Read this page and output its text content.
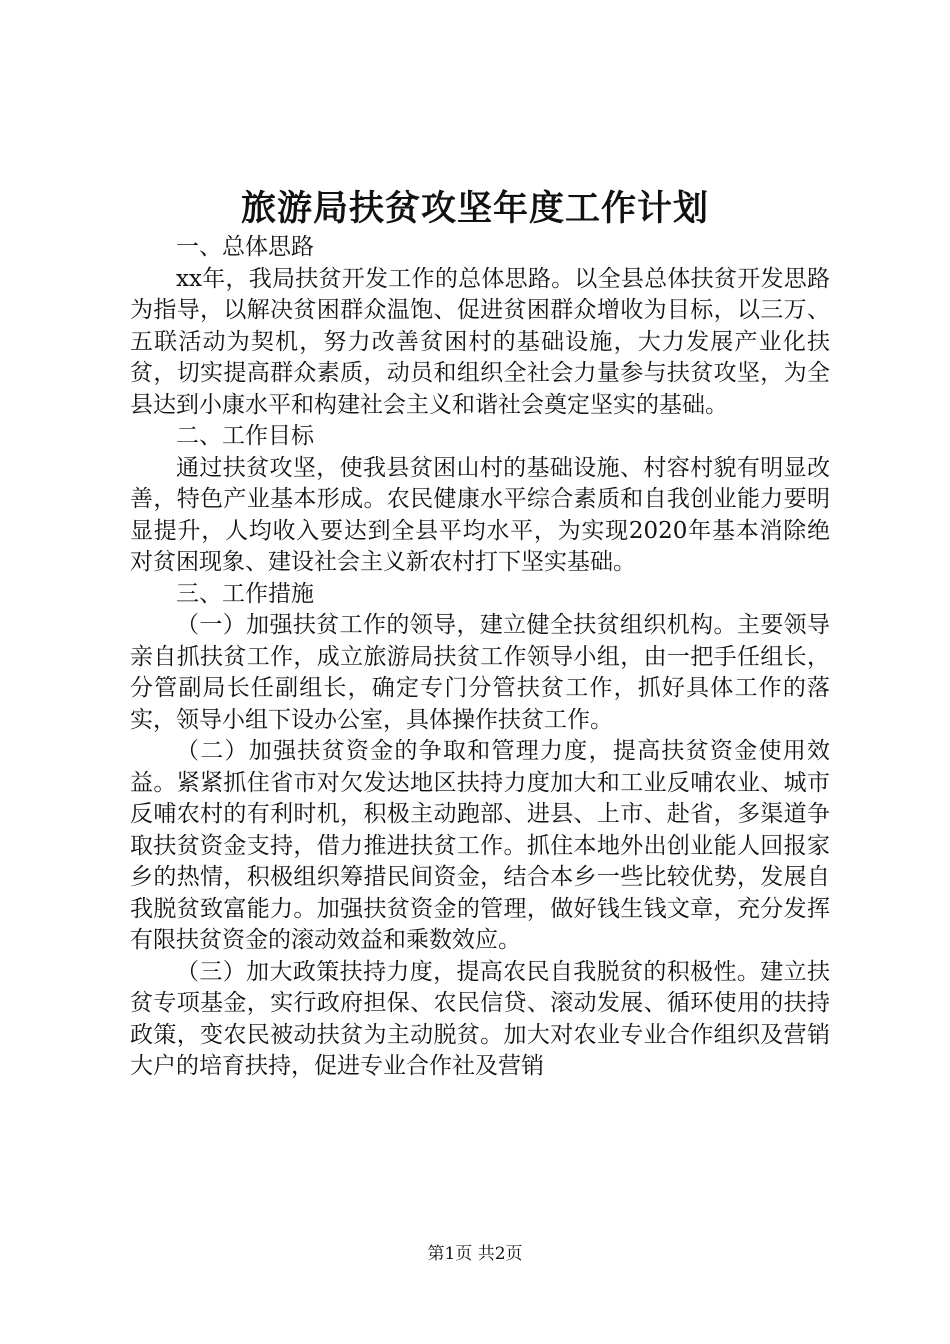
旅游局扶贫攻坚年度工作计划

一、总体思路

xx年，我局扶贫开发工作的总体思路。以全县总体扶贫开发思路为指导，以解决贫困群众温饱、促进贫困群众增收为目标，以三万、五联活动为契机，努力改善贫困村的基础设施，大力发展产业化扶贫，切实提高群众素质，动员和组织全社会力量参与扶贫攻坚，为全县达到小康水平和构建社会主义和谐社会奠定坚实的基础。

二、工作目标

通过扶贫攻坚，使我县贫困山村的基础设施、村容村貌有明显改善，特色产业基本形成。农民健康水平综合素质和自我创业能力要明显提升，人均收入要达到全县平均水平，为实现2020年基本消除绝对贫困现象、建设社会主义新农村打下坚实基础。

三、工作措施

（一）加强扶贫工作的领导，建立健全扶贫组织机构。主要领导亲自抓扶贫工作，成立旅游局扶贫工作领导小组，由一把手任组长，分管副局长任副组长，确定专门分管扶贫工作，抓好具体工作的落实，领导小组下设办公室，具体操作扶贫工作。

（二）加强扶贫资金的争取和管理力度，提高扶贫资金使用效益。紧紧抓住省市对欠发达地区扶持力度加大和工业反哺农业、城市反哺农村的有利时机，积极主动跑部、进县、上市、赴省，多渠道争取扶贫资金支持，借力推进扶贫工作。抓住本地外出创业能人回报家乡的热情，积极组织筹措民间资金，结合本乡一些比较优势，发展自我脱贫致富能力。加强扶贫资金的管理，做好钱生钱文章，充分发挥有限扶贫资金的滚动效益和乘数效应。

（三）加大政策扶持力度，提高农民自我脱贫的积极性。建立扶贫专项基金，实行政府担保、农民信贷、滚动发展、循环使用的扶持政策，变农民被动扶贫为主动脱贫。加大对农业专业合作组织及营销大户的培育扶持，促进专业合作社及营销

第1页 共2页
